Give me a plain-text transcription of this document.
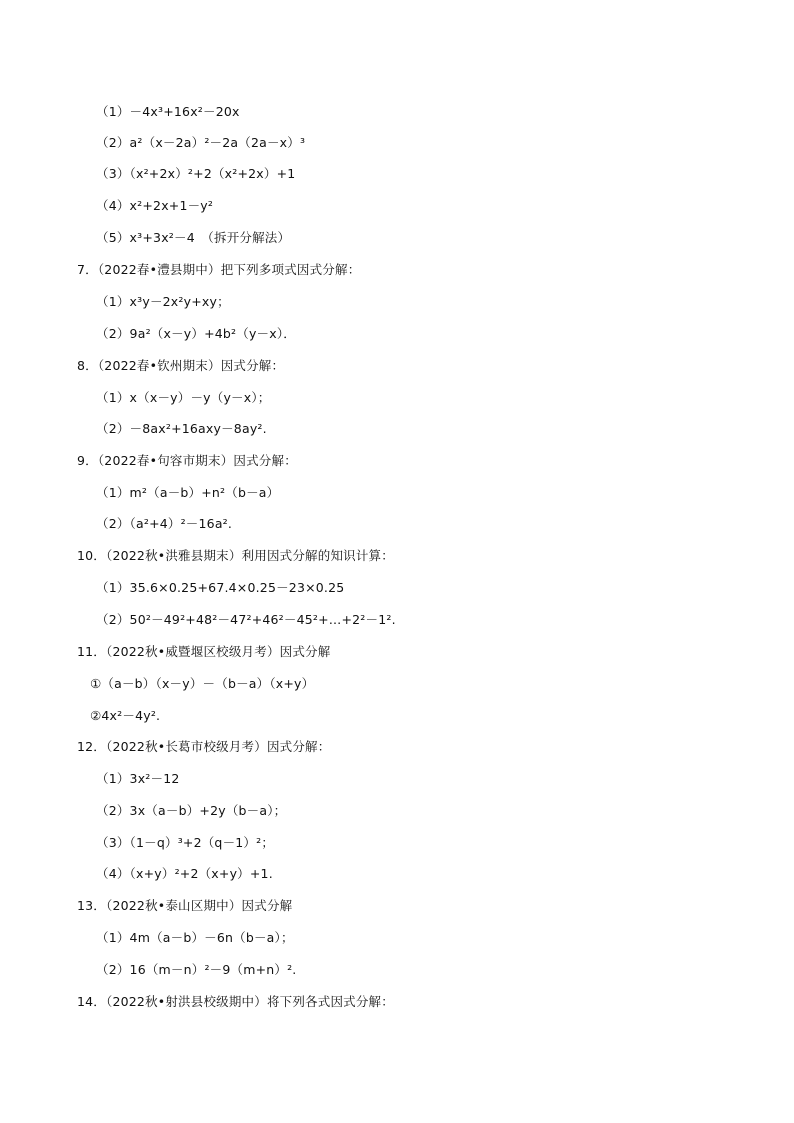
（1）－4x³+16x²－20x
（2）a²（x－2a）²－2a（2a－x）³
（3）（x²+2x）²+2（x²+2x）+1
（4）x²+2x+1－y²
（5）x³+3x²－4　（拆开分解法）
7．（2022春•澧县期中）把下列多项式因式分解：
（1）x³y－2x²y+xy；
（2）9a²（x－y）+4b²（y－x）．
8．（2022春•钦州期末）因式分解：
（1）x（x－y）－y（y－x）；
（2）－8ax²+16axy－8ay².
9．（2022春•句容市期末）因式分解：
（1）m²（a－b）+n²（b－a）
（2）（a²+4）²－16a².
10．（2022秋•洪雅县期末）利用因式分解的知识计算：
（1）35.6×0.25+67.4×0.25－23×0.25
（2）50²－49²+48²－47²+46²－45²+…+2²－1².
11．（2022秋•威暨堰区校级月考）因式分解
①（a－b）（x－y）－（b－a）（x+y）
②4x²－4y².
12．（2022秋•长葛市校级月考）因式分解：
（1）3x²－12
（2）3x（a－b）+2y（b－a）；
（3）（1－q）³+2（q－1）²；
（4）（x+y）²+2（x+y）+1.
13．（2022秋•泰山区期中）因式分解
（1）4m（a－b）－6n（b－a）；
（2）16（m－n）²－9（m+n）².
14．（2022秋•射洪县校级期中）将下列各式因式分解：
